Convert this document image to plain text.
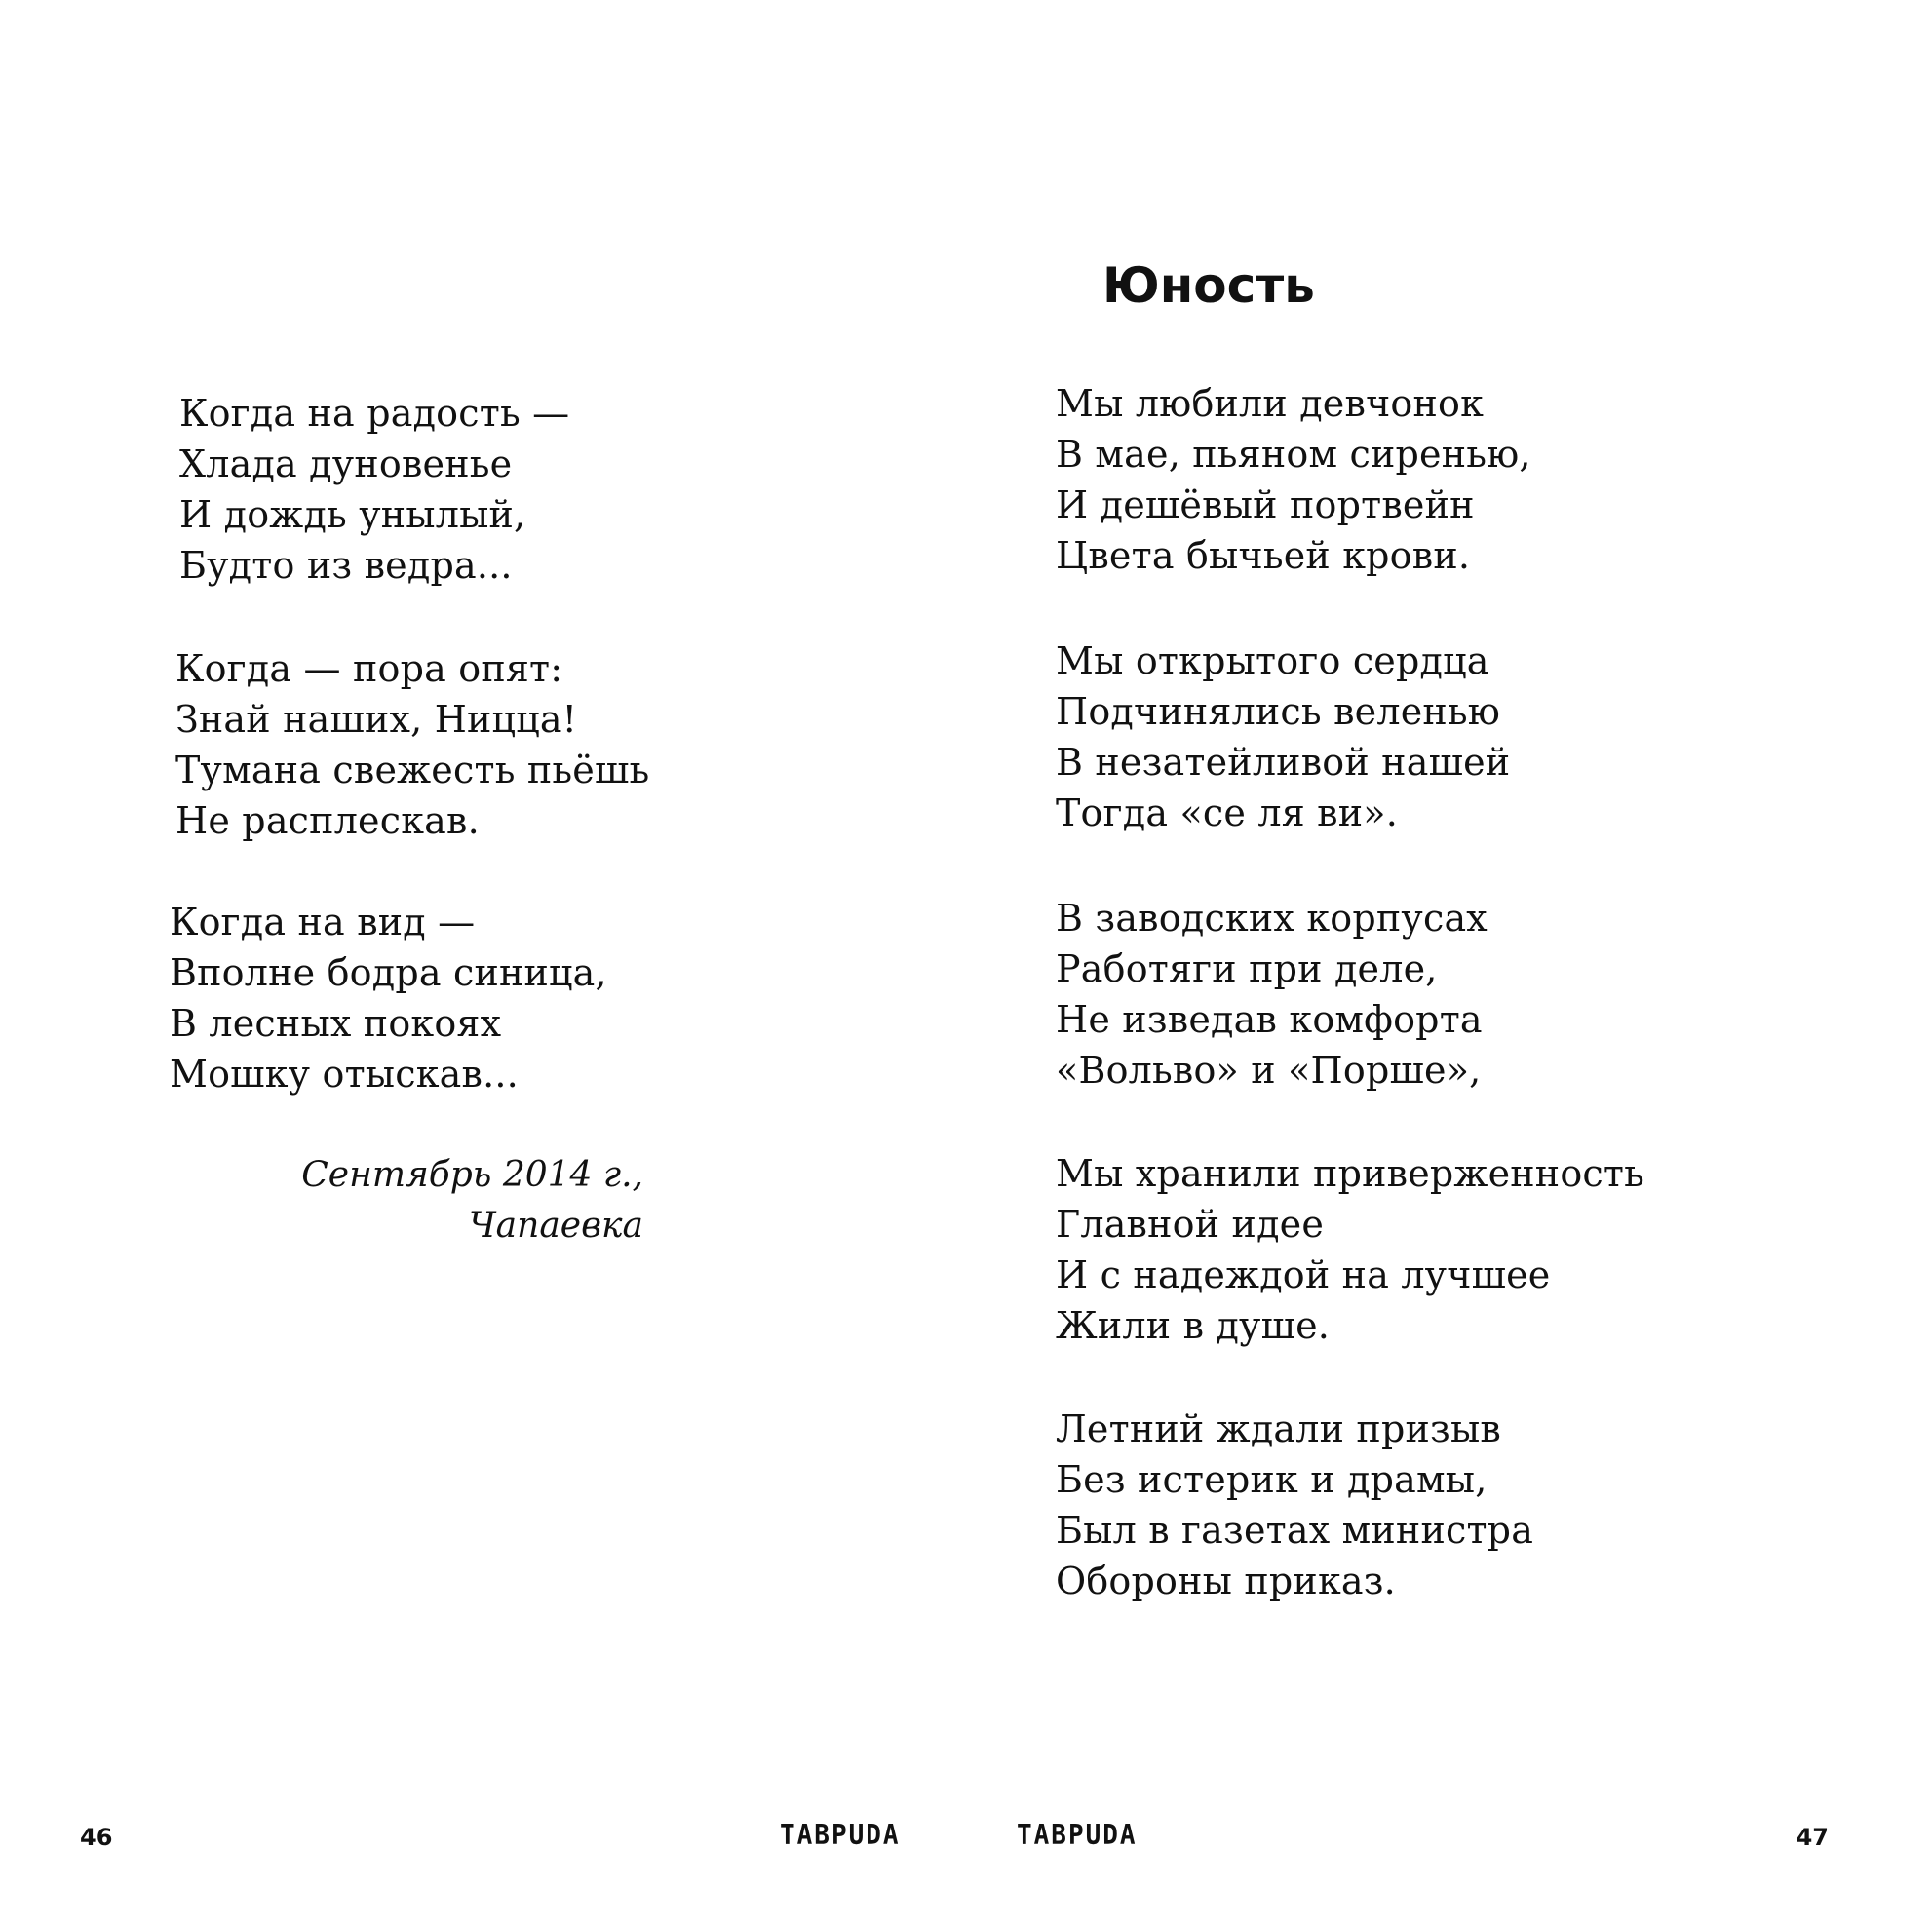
Когда на радость —
Хлада дуновенье
И дождь унылый,
Будто из ведра...
Когда — пора опят:
Знай наших, Ницца!
Тумана свежесть пьёшь
Не расплескав.
Когда на вид —
Вполне бодра синица,
В лесных покоях
Мошку отыскав...
Сентябрь 2014 г.,
Чапаевка
46	TABPUDA
Юность
Мы любили девчонок
В мае, пьяном сиренью,
И дешёвый портвейн
Цвета бычьей крови.
Мы открытого сердца
Подчинялись веленью
В незатейливой нашей
Тогда «се ля ви».
В заводских корпусах
Работяги при деле,
Не изведав комфорта
«Вольво» и «Порше»,
Мы хранили приверженность
Главной идее
И с надеждой на лучшее
Жили в душе.
Летний ждали призыв
Без истерик и драмы,
Был в газетах министра
Обороны приказ.
TABPUDA	47
